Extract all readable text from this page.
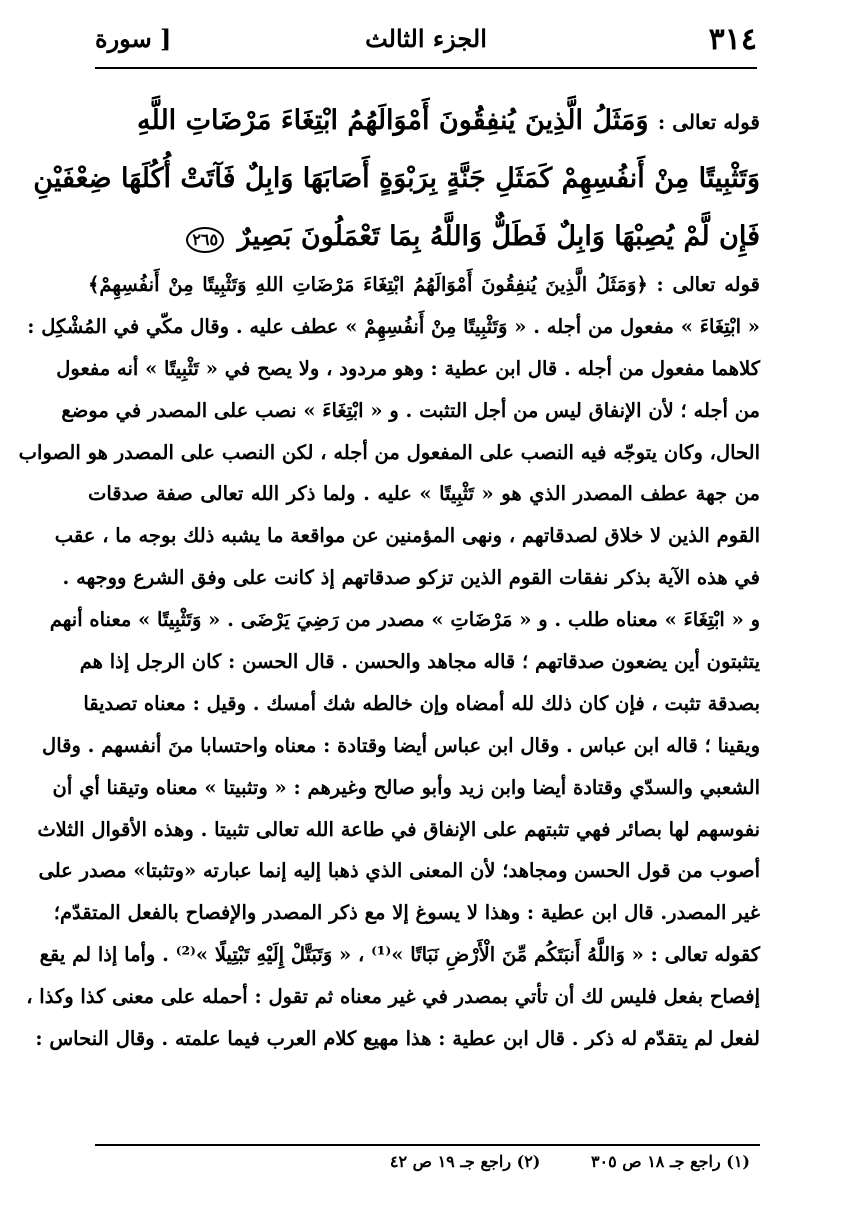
٣١٤
الجزء الثالث
[ سورة
قوله تعالى : وَمَثَلُ الَّذِينَ يُنفِقُونَ أَمْوَالَهُمُ ابْتِغَاءَ مَرْضَاتِ اللَّهِ
وَتَثْبِيتًا مِنْ أَنفُسِهِمْ كَمَثَلِ جَنَّةٍ بِرَبْوَةٍ أَصَابَهَا وَابِلٌ فَآتَتْ أُكُلَهَا ضِعْفَيْنِ
فَإِن لَّمْ يُصِبْهَا وَابِلٌ فَطَلٌّ وَاللَّهُ بِمَا تَعْمَلُونَ بَصِيرٌ ٢٦٥
قوله تعالى : ﴿وَمَثَلُ الَّذِينَ يُنفِقُونَ أَمْوَالَهُمُ ابْتِغَاءَ مَرْضَاتِ اللهِ وَتَثْبِيتًا مِنْ أَنفُسِهِمْ﴾
« ابْتِغَاءَ » مفعول من أجله . « وَتَثْبِيتًا مِنْ أَنفُسِهِمْ » عطف عليه . وقال مكّي في المُشْكِل :
كلاهما مفعول من أجله . قال ابن عطية : وهو مردود ، ولا يصح في « تَثْبِيتًا » أنه مفعول
من أجله ؛ لأن الإنفاق ليس من أجل التثبت . و « ابْتِغَاءَ » نصب على المصدر في موضع
الحال، وكان يتوجّه فيه النصب على المفعول من أجله ، لكن النصب على المصدر هو الصواب
من جهة عطف المصدر الذي هو « تَثْبِيتًا » عليه . ولما ذكر الله تعالى صفة صدقات
القوم الذين لا خلاق لصدقاتهم ، ونهى المؤمنين عن مواقعة ما يشبه ذلك بوجه ما ، عقب
في هذه الآية بذكر نفقات القوم الذين تزكو صدقاتهم إذ كانت على وفق الشرع ووجهه .
و « ابْتِغَاءَ » معناه طلب . و « مَرْضَاتِ » مصدر من رَضِيَ يَرْضَى . « وَتَثْبِيتًا » معناه أنهم
يتثبتون أين يضعون صدقاتهم ؛ قاله مجاهد والحسن . قال الحسن : كان الرجل إذا هم
بصدقة تثبت ، فإن كان ذلك لله أمضاه وإن خالطه شك أمسك . وقيل : معناه تصديقا
ويقينا ؛ قاله ابن عباس . وقال ابن عباس أيضا وقتادة : معناه واحتسابا منَ أنفسهم . وقال
الشعبي والسدّي وقتادة أيضا وابن زيد وأبو صالح وغيرهم : « وتثبيتا » معناه وتيقنا أي أن
نفوسهم لها بصائر فهي تثبتهم على الإنفاق في طاعة الله تعالى تثبيتا . وهذه الأقوال الثلاث
أصوب من قول الحسن ومجاهد؛ لأن المعنى الذي ذهبا إليه إنما عبارته «وتثبتا» مصدر على
غير المصدر. قال ابن عطية : وهذا لا يسوغ إلا مع ذكر المصدر والإفصاح بالفعل المتقدّم؛
كقوله تعالى : « وَاللَّهُ أَنبَتَكُم مِّنَ الْأَرْضِ نَبَاتًا »⁽¹⁾ ، « وَتَبَتَّلْ إِلَيْهِ تَبْتِيلًا »⁽²⁾ . وأما إذا لم يقع
إفصاح بفعل فليس لك أن تأتي بمصدر في غير معناه ثم تقول : أحمله على معنى كذا وكذا ،
لفعل لم يتقدّم له ذكر . قال ابن عطية : هذا مهيع كلام العرب فيما علمته . وقال النحاس :
(١) راجع جـ ١٨ ص ٣٠٥ (٢) راجع جـ ١٩ ص ٤٢
